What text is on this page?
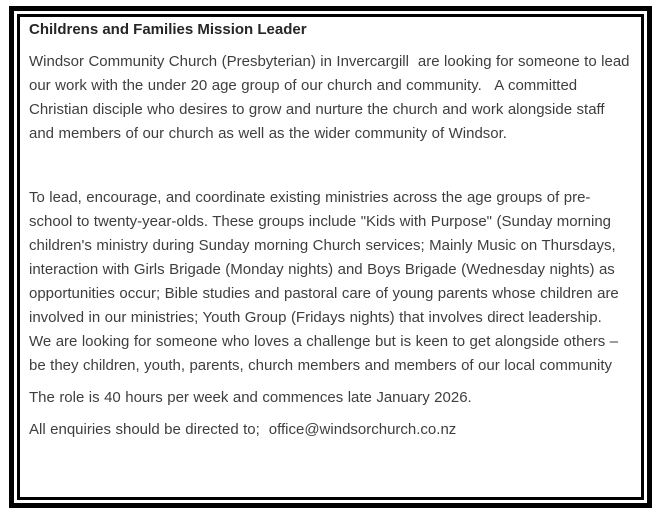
Childrens and Families Mission Leader

Windsor Community Church (Presbyterian) in Invercargill  are looking for someone to lead our work with the under 20 age group of our church and community.   A committed Christian disciple who desires to grow and nurture the church and work alongside staff and members of our church as well as the wider community of Windsor.

To lead, encourage, and coordinate existing ministries across the age groups of pre-school to twenty-year-olds. These groups include "Kids with Purpose" (Sunday morning children's ministry during Sunday morning Church services; Mainly Music on Thursdays, interaction with Girls Brigade (Monday nights) and Boys Brigade (Wednesday nights) as opportunities occur; Bible studies and pastoral care of young parents whose children are involved in our ministries; Youth Group (Fridays nights) that involves direct leadership.   We are looking for someone who loves a challenge but is keen to get alongside others – be they children, youth, parents, church members and members of our local community

The role is 40 hours per week and commences late January 2026.

All enquiries should be directed to;  office@windsorchurch.co.nz
